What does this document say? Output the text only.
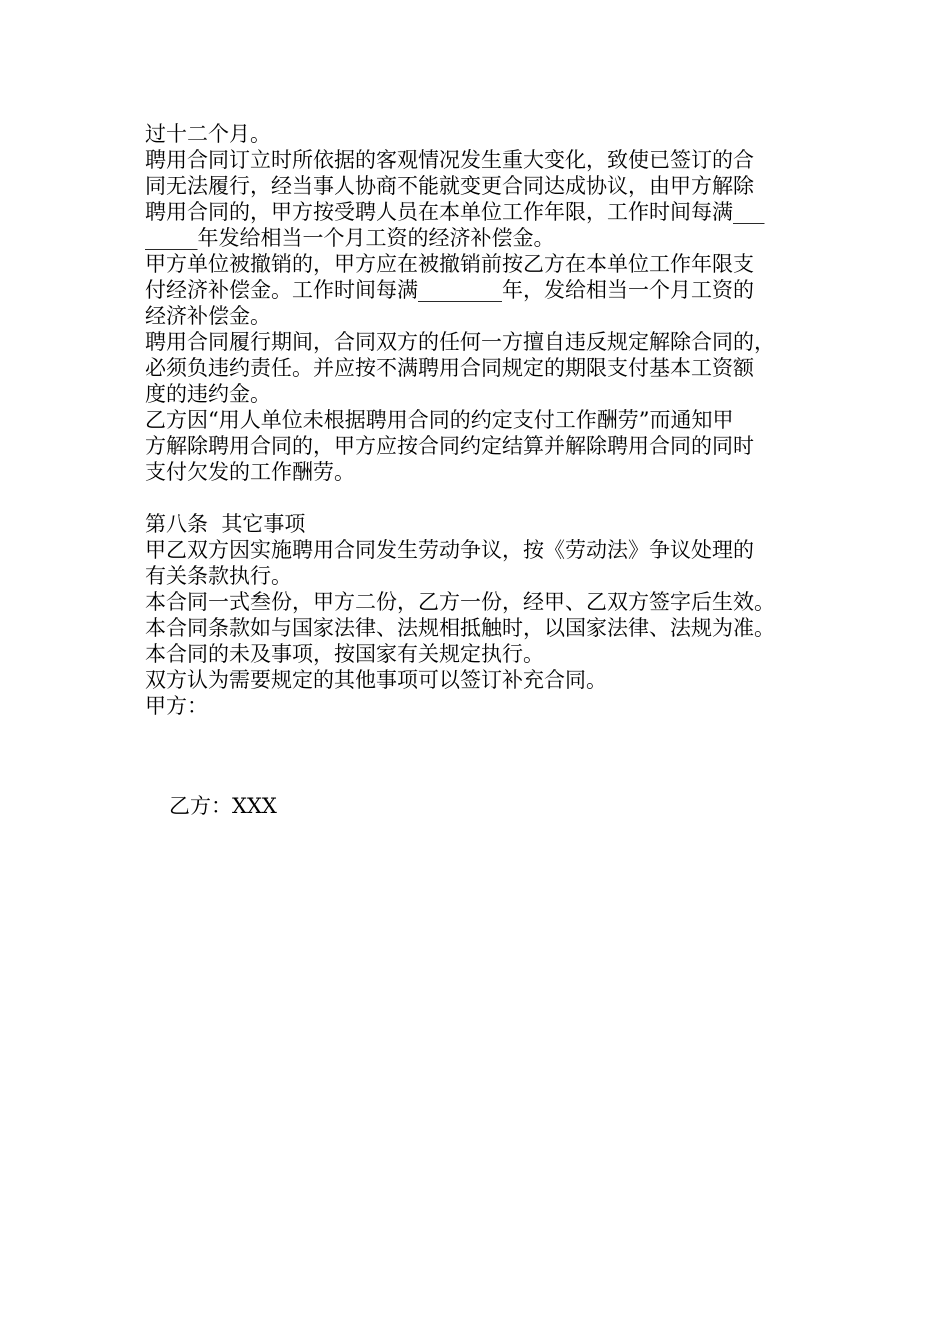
过十二个月。
聘用合同订立时所依据的客观情况发生重大变化，致使已签订的合
同无法履行，经当事人协商不能就变更合同达成协议，由甲方解除
聘用合同的，甲方按受聘人员在本单位工作年限，工作时间每满___
_____年发给相当一个月工资的经济补偿金。
甲方单位被撤销的，甲方应在被撤销前按乙方在本单位工作年限支
付经济补偿金。工作时间每满________年，发给相当一个月工资的
经济补偿金。
聘用合同履行期间，合同双方的任何一方擅自违反规定解除合同的，
必须负违约责任。并应按不满聘用合同规定的期限支付基本工资额
度的违约金。
乙方因“用人单位未根据聘用合同的约定支付工作酬劳”而通知甲
方解除聘用合同的，甲方应按合同约定结算并解除聘用合同的同时
支付欠发的工作酬劳。
第八条  其它事项
甲乙双方因实施聘用合同发生劳动争议，按《劳动法》争议处理的
有关条款执行。
本合同一式叁份，甲方二份，乙方一份，经甲、乙双方签字后生效。
本合同条款如与国家法律、法规相抵触时，以国家法律、法规为准。
本合同的未及事项，按国家有关规定执行。
双方认为需要规定的其他事项可以签订补充合同。
甲方：
乙方：XXX
